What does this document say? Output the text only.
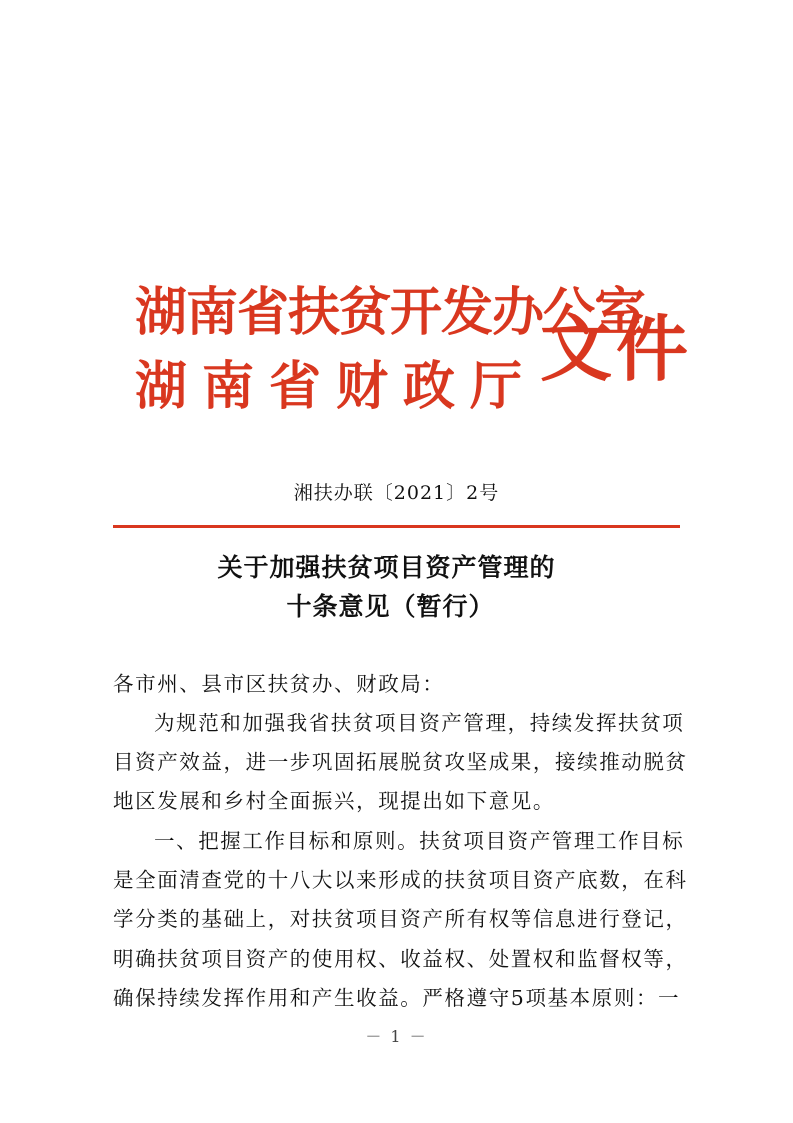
湖南省扶贫开发办公室
湖南省财政厅 文件
湘扶办联〔2021〕2号
关于加强扶贫项目资产管理的
十条意见（暂行）
各市州、县市区扶贫办、财政局：
为规范和加强我省扶贫项目资产管理，持续发挥扶贫项
目资产效益，进一步巩固拓展脱贫攻坚成果，接续推动脱贫
地区发展和乡村全面振兴，现提出如下意见。
一、把握工作目标和原则。扶贫项目资产管理工作目标
是全面清查党的十八大以来形成的扶贫项目资产底数，在科
学分类的基础上，对扶贫项目资产所有权等信息进行登记，
明确扶贫项目资产的使用权、收益权、处置权和监督权等，
确保持续发挥作用和产生收益。严格遵守5项基本原则：一
－ 1 －
